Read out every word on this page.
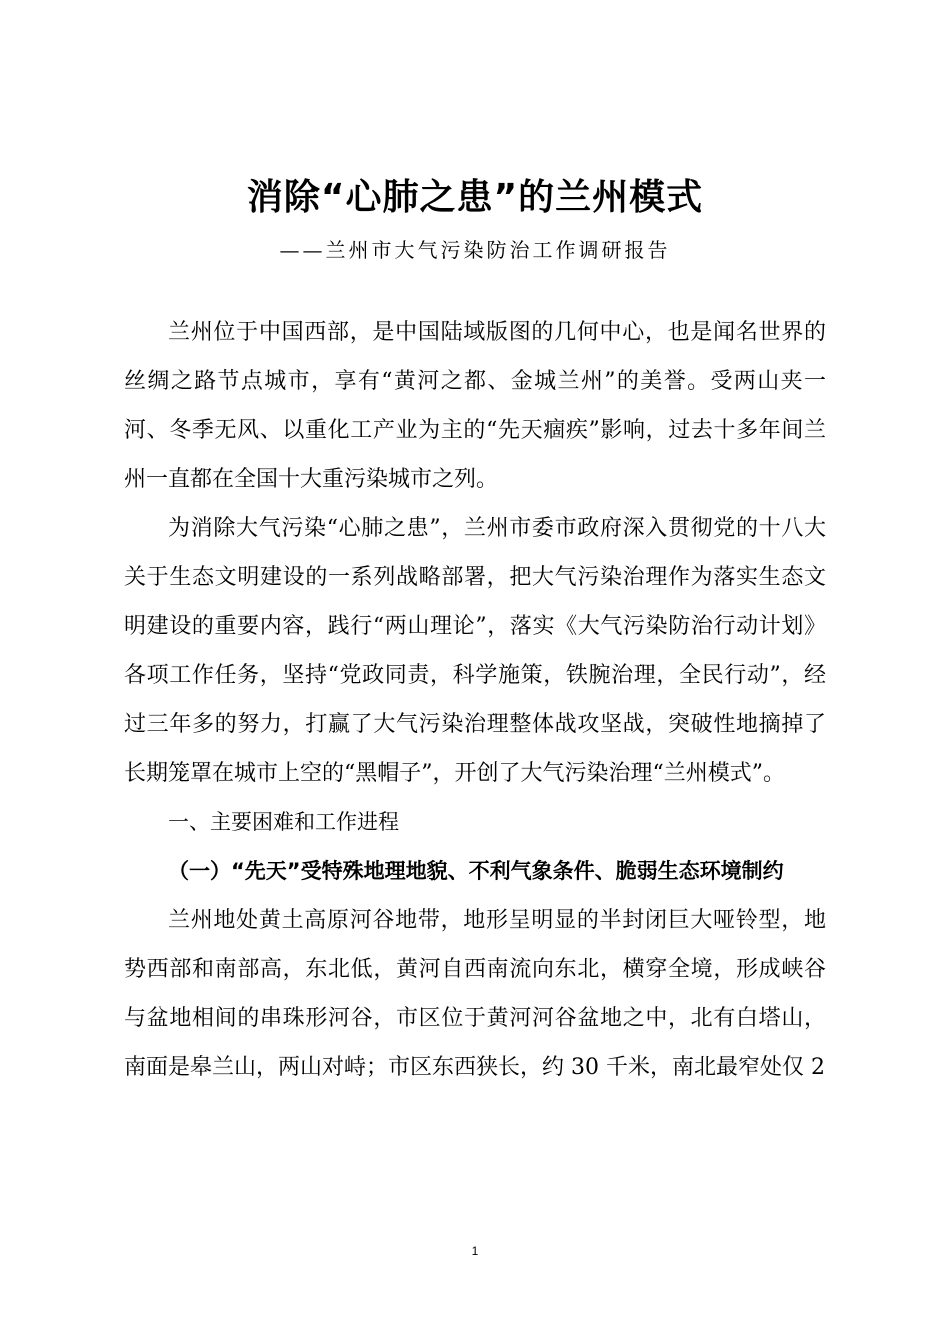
消除“心肺之患”的兰州模式
——兰州市大气污染防治工作调研报告

兰州位于中国西部，是中国陆域版图的几何中心，也是闻名世界的丝绸之路节点城市，享有“黄河之都、金城兰州”的美誉。受两山夹一河、冬季无风、以重化工产业为主的“先天痼疾”影响，过去十多年间兰州一直都在全国十大重污染城市之列。

为消除大气污染“心肺之患”，兰州市委市政府深入贯彻党的十八大关于生态文明建设的一系列战略部署，把大气污染治理作为落实生态文明建设的重要内容，践行“两山理论”，落实《大气污染防治行动计划》各项工作任务，坚持“党政同责，科学施策，铁腕治理，全民行动”，经过三年多的努力，打赢了大气污染治理整体战攻坚战，突破性地摘掉了长期笼罩在城市上空的“黑帽子”，开创了大气污染治理“兰州模式”。

一、主要困难和工作进程

（一）“先天”受特殊地理地貌、不利气象条件、脆弱生态环境制约

兰州地处黄土高原河谷地带，地形呈明显的半封闭巨大哑铃型，地势西部和南部高，东北低，黄河自西南流向东北，横穿全境，形成峡谷与盆地相间的串珠形河谷，市区位于黄河河谷盆地之中，北有白塔山，南面是皋兰山，两山对峙；市区东西狭长，约 30 千米，南北最窄处仅 2

1
